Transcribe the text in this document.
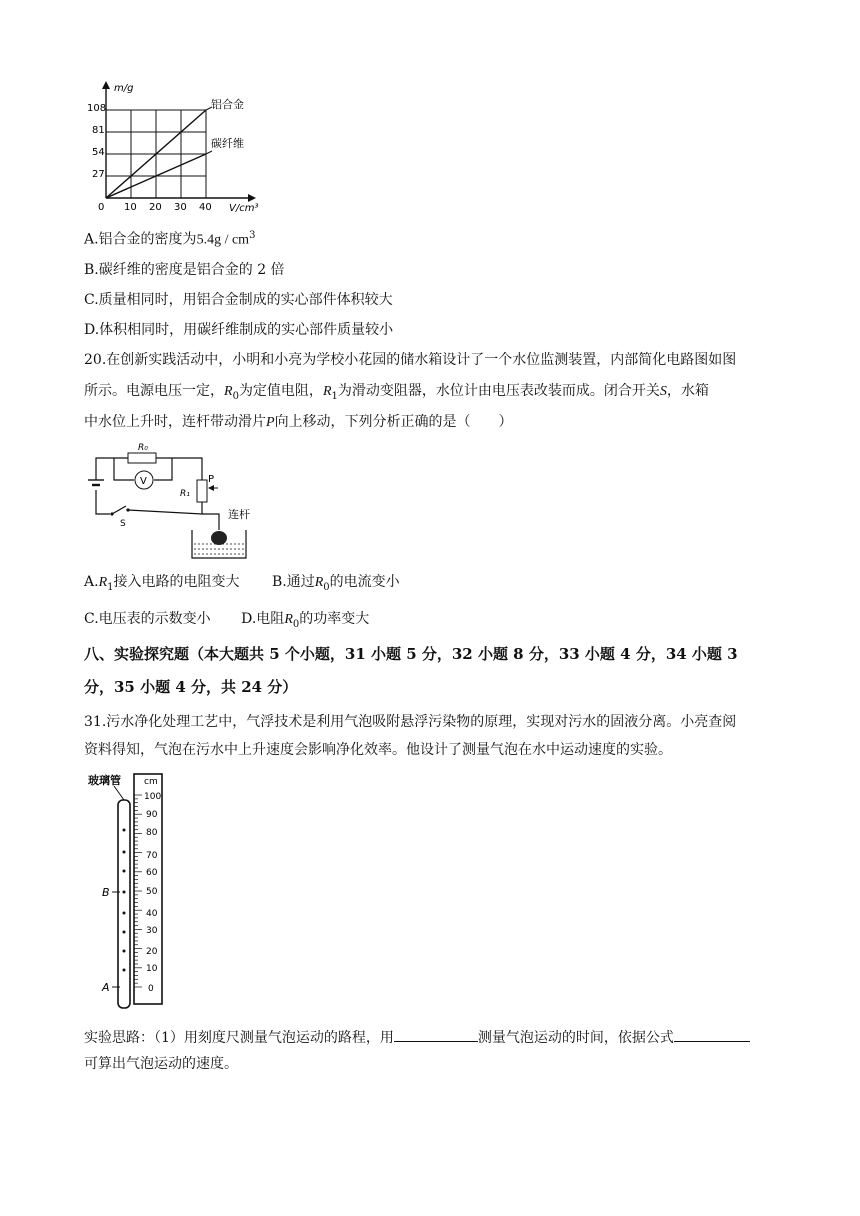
m/g
V/cm³
108
81
54
27
0 10 20 30 40
铝合金
碳纤维
A.铝合金的密度为$5.4g / cm^3$
B.碳纤维的密度是铝合金的 2 倍
C.质量相同时，用铝合金制成的实心部件体积较大
D.体积相同时，用碳纤维制成的实心部件质量较小
20.在创新实践活动中，小明和小亮为学校小花园的储水箱设计了一个水位监测装置，内部简化电路图如图
所示。电源电压一定，$R_0$为定值电阻，$R_1$为滑动变阻器，水位计由电压表改装而成。闭合开关S，水箱
中水位上升时，连杆带动滑片P向上移动，下列分析正确的是（　　）
R₀
V
R₁
P
S
连杆
$A.R_1$接入电路的电阻变大 B.通过$R_0$的电流变小
C.电压表的示数变小 D.电阻$R_0$的功率变大
八、实验探究题（本大题共 5 个小题，31 小题 5 分，32 小题 8 分，33 小题 4 分，34 小题 3
分，35 小题 4 分，共 24 分）
31.污水净化处理工艺中，气浮技术是利用气泡吸附悬浮污染物的原理，实现对污水的固液分离。小亮查阅
资料得知，气泡在污水中上升速度会影响净化效率。他设计了测量气泡在水中运动速度的实验。
玻璃管	cm
100
90
80
70
60
50
40
30
20
10
0
B
A
实验思路：（1）用刻度尺测量气泡运动的路程，用	测量气泡运动的时间，依据公式
可算出气泡运动的速度。
